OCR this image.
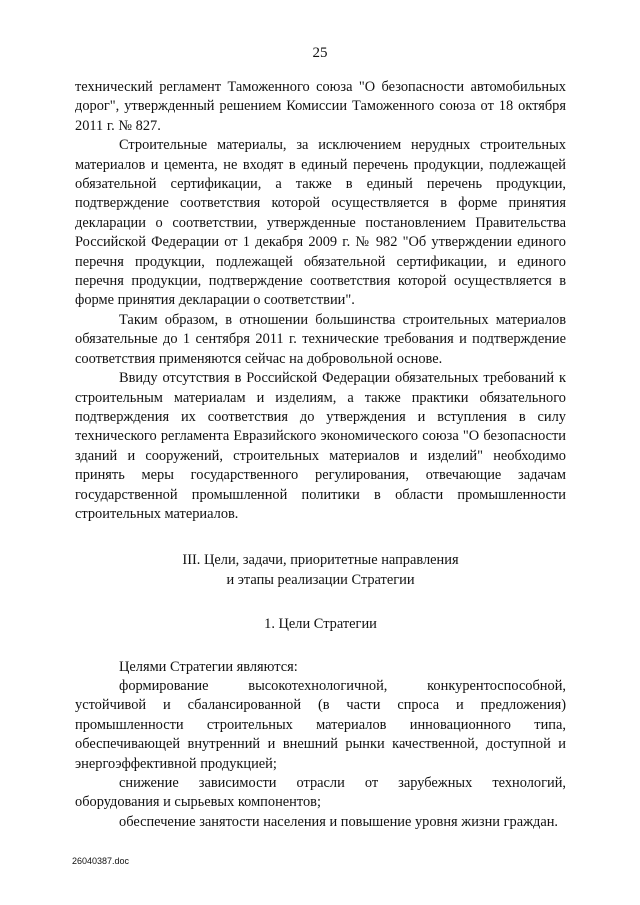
25

технический регламент Таможенного союза "О безопасности автомобильных дорог", утвержденный решением Комиссии Таможенного союза от 18 октября 2011 г. № 827.

Строительные материалы, за исключением нерудных строительных материалов и цемента, не входят в единый перечень продукции, подлежащей обязательной сертификации, а также в единый перечень продукции, подтверждение соответствия которой осуществляется в форме принятия декларации о соответствии, утвержденные постановлением Правительства Российской Федерации от 1 декабря 2009 г. № 982 "Об утверждении единого перечня продукции, подлежащей обязательной сертификации, и единого перечня продукции, подтверждение соответствия которой осуществляется в форме принятия декларации о соответствии".

Таким образом, в отношении большинства строительных материалов обязательные до 1 сентября 2011 г. технические требования и подтверждение соответствия применяются сейчас на добровольной основе.

Ввиду отсутствия в Российской Федерации обязательных требований к строительным материалам и изделиям, а также практики обязательного подтверждения их соответствия до утверждения и вступления в силу технического регламента Евразийского экономического союза "О безопасности зданий и сооружений, строительных материалов и изделий" необходимо принять меры государственного регулирования, отвечающие задачам государственной промышленной политики в области промышленности строительных материалов.

III. Цели, задачи, приоритетные направления
и этапы реализации Стратегии
1. Цели Стратегии

Целями Стратегии являются:

формирование высокотехнологичной, конкурентоспособной, устойчивой и сбалансированной (в части спроса и предложения) промышленности строительных материалов инновационного типа, обеспечивающей внутренний и внешний рынки качественной, доступной и энергоэффективной продукцией;

снижение зависимости отрасли от зарубежных технологий, оборудования и сырьевых компонентов;

обеспечение занятости населения и повышение уровня жизни граждан.

26040387.doc
